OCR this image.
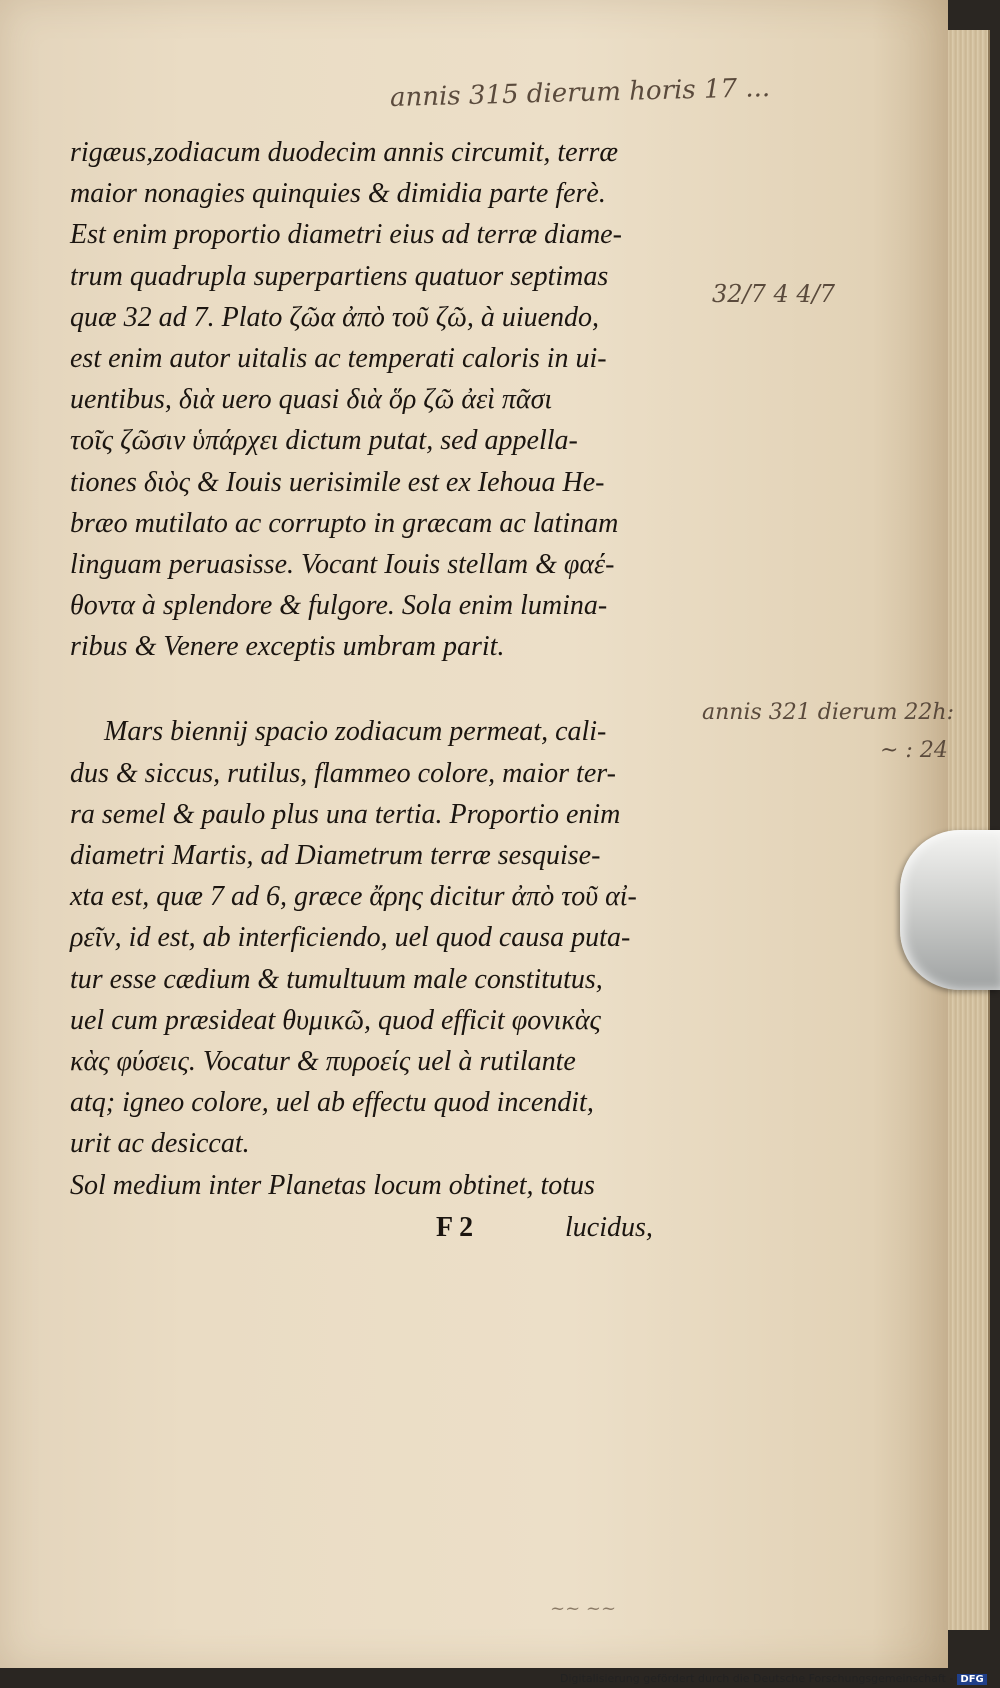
annis 315 dierum horis 17 ...
32/7 4 4/7
annis 321 dierum 22h:
~ : 24
~~ ~~
rigæus,zodiacum duodecim annis circumit, terræ
maior nonagies quinquies & dimidia parte ferè.
Est enim proportio diametri eius ad terræ diame-
trum quadrupla superpartiens quatuor septimas
quæ 32 ad 7. Plato ζῶα ἀπὸ τοῦ ζῶ, à uiuendo,
est enim autor uitalis ac temperati caloris in ui-
uentibus, διὰ uero quasi διὰ ὅρ ζῶ ἀεὶ πᾶσι
τοῖς ζῶσιν ὑπάρχει dictum putat, sed appella-
tiones διὸς & Iouis uerisimile est ex Iehoua He-
bræo mutilato ac corrupto in græcam ac latinam
linguam peruasisse. Vocant Iouis stellam & φαέ-
θοντα à splendore & fulgore. Sola enim lumina-
ribus & Venere exceptis umbram parit.
Mars biennij spacio zodiacum permeat, cali-
dus & siccus, rutilus, flammeo colore, maior ter-
ra semel & paulo plus una tertia. Proportio enim
diametri Martis, ad Diametrum terræ sesquise-
xta est, quæ 7 ad 6, græce ἄρης dicitur ἀπὸ τοῦ αἰ-
ρεῖν, id est, ab interficiendo, uel quod causa puta-
tur esse cædium & tumultuum male constitutus,
uel cum præsideat θυμικῶ, quod efficit φονικὰς
κὰς φύσεις. Vocatur & πυροείς uel à rutilante
atq; igneo colore, uel ab effectu quod incendit,
urit ac desiccat.
Sol medium inter Planetas locum obtinet, totus
F 2	lucidus,
Digitalisierung gefördert durch die Deutsche Forschungsgemeinschaft - DFG
